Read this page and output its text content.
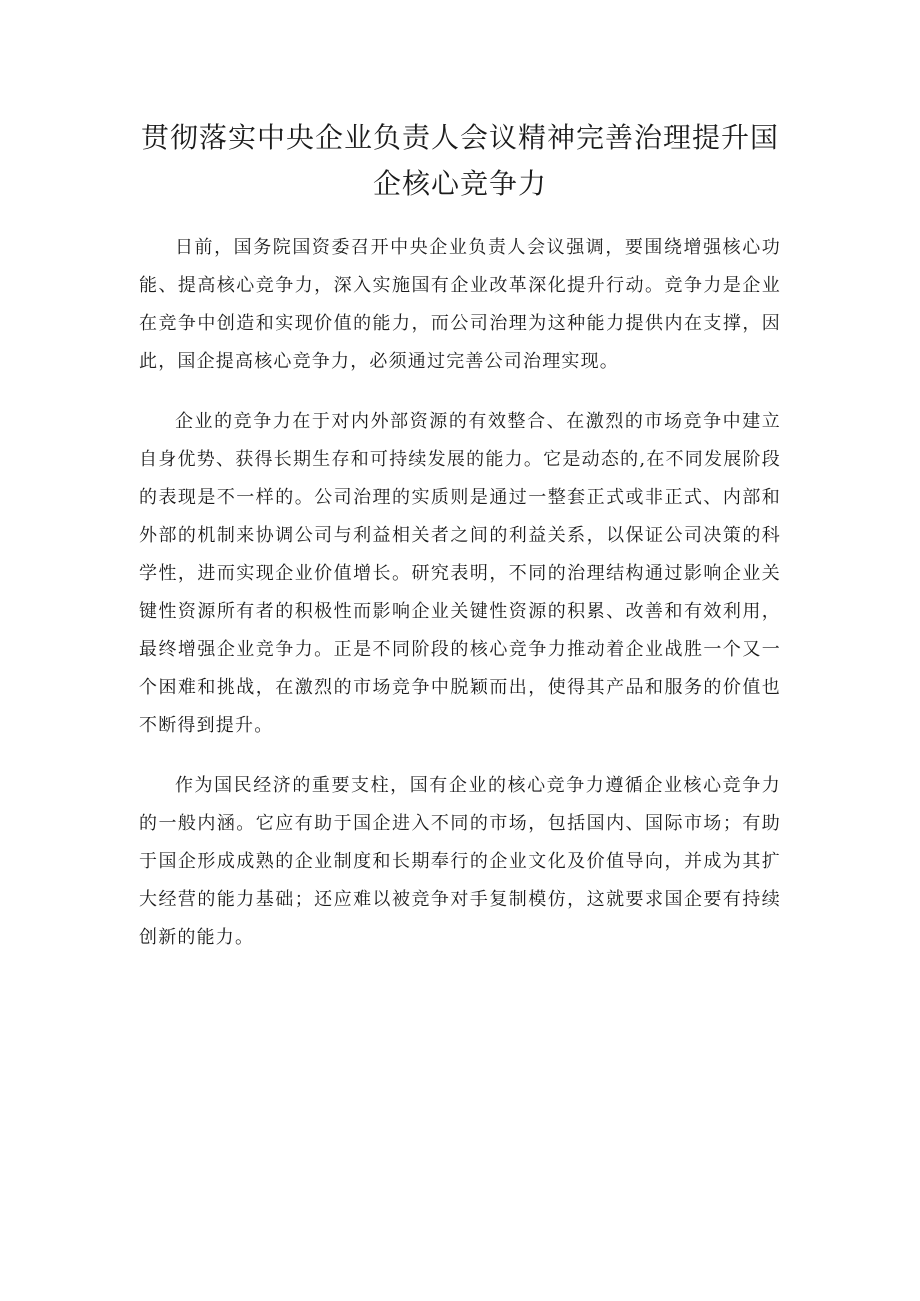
贯彻落实中央企业负责人会议精神完善治理提升国
企核心竞争力

日前，国务院国资委召开中央企业负责人会议强调，要围绕增强核心功能、提高核心竞争力，深入实施国有企业改革深化提升行动。竞争力是企业在竞争中创造和实现价值的能力，而公司治理为这种能力提供内在支撑，因此，国企提高核心竞争力，必须通过完善公司治理实现。

企业的竞争力在于对内外部资源的有效整合、在激烈的市场竞争中建立自身优势、获得长期生存和可持续发展的能力。它是动态的,在不同发展阶段的表现是不一样的。公司治理的实质则是通过一整套正式或非正式、内部和外部的机制来协调公司与利益相关者之间的利益关系，以保证公司决策的科学性，进而实现企业价值增长。研究表明，不同的治理结构通过影响企业关键性资源所有者的积极性而影响企业关键性资源的积累、改善和有效利用，最终增强企业竞争力。正是不同阶段的核心竞争力推动着企业战胜一个又一个困难和挑战，在激烈的市场竞争中脱颖而出，使得其产品和服务的价值也不断得到提升。

作为国民经济的重要支柱，国有企业的核心竞争力遵循企业核心竞争力的一般内涵。它应有助于国企进入不同的市场，包括国内、国际市场；有助于国企形成成熟的企业制度和长期奉行的企业文化及价值导向，并成为其扩大经营的能力基础；还应难以被竞争对手复制模仿，这就要求国企要有持续创新的能力。
